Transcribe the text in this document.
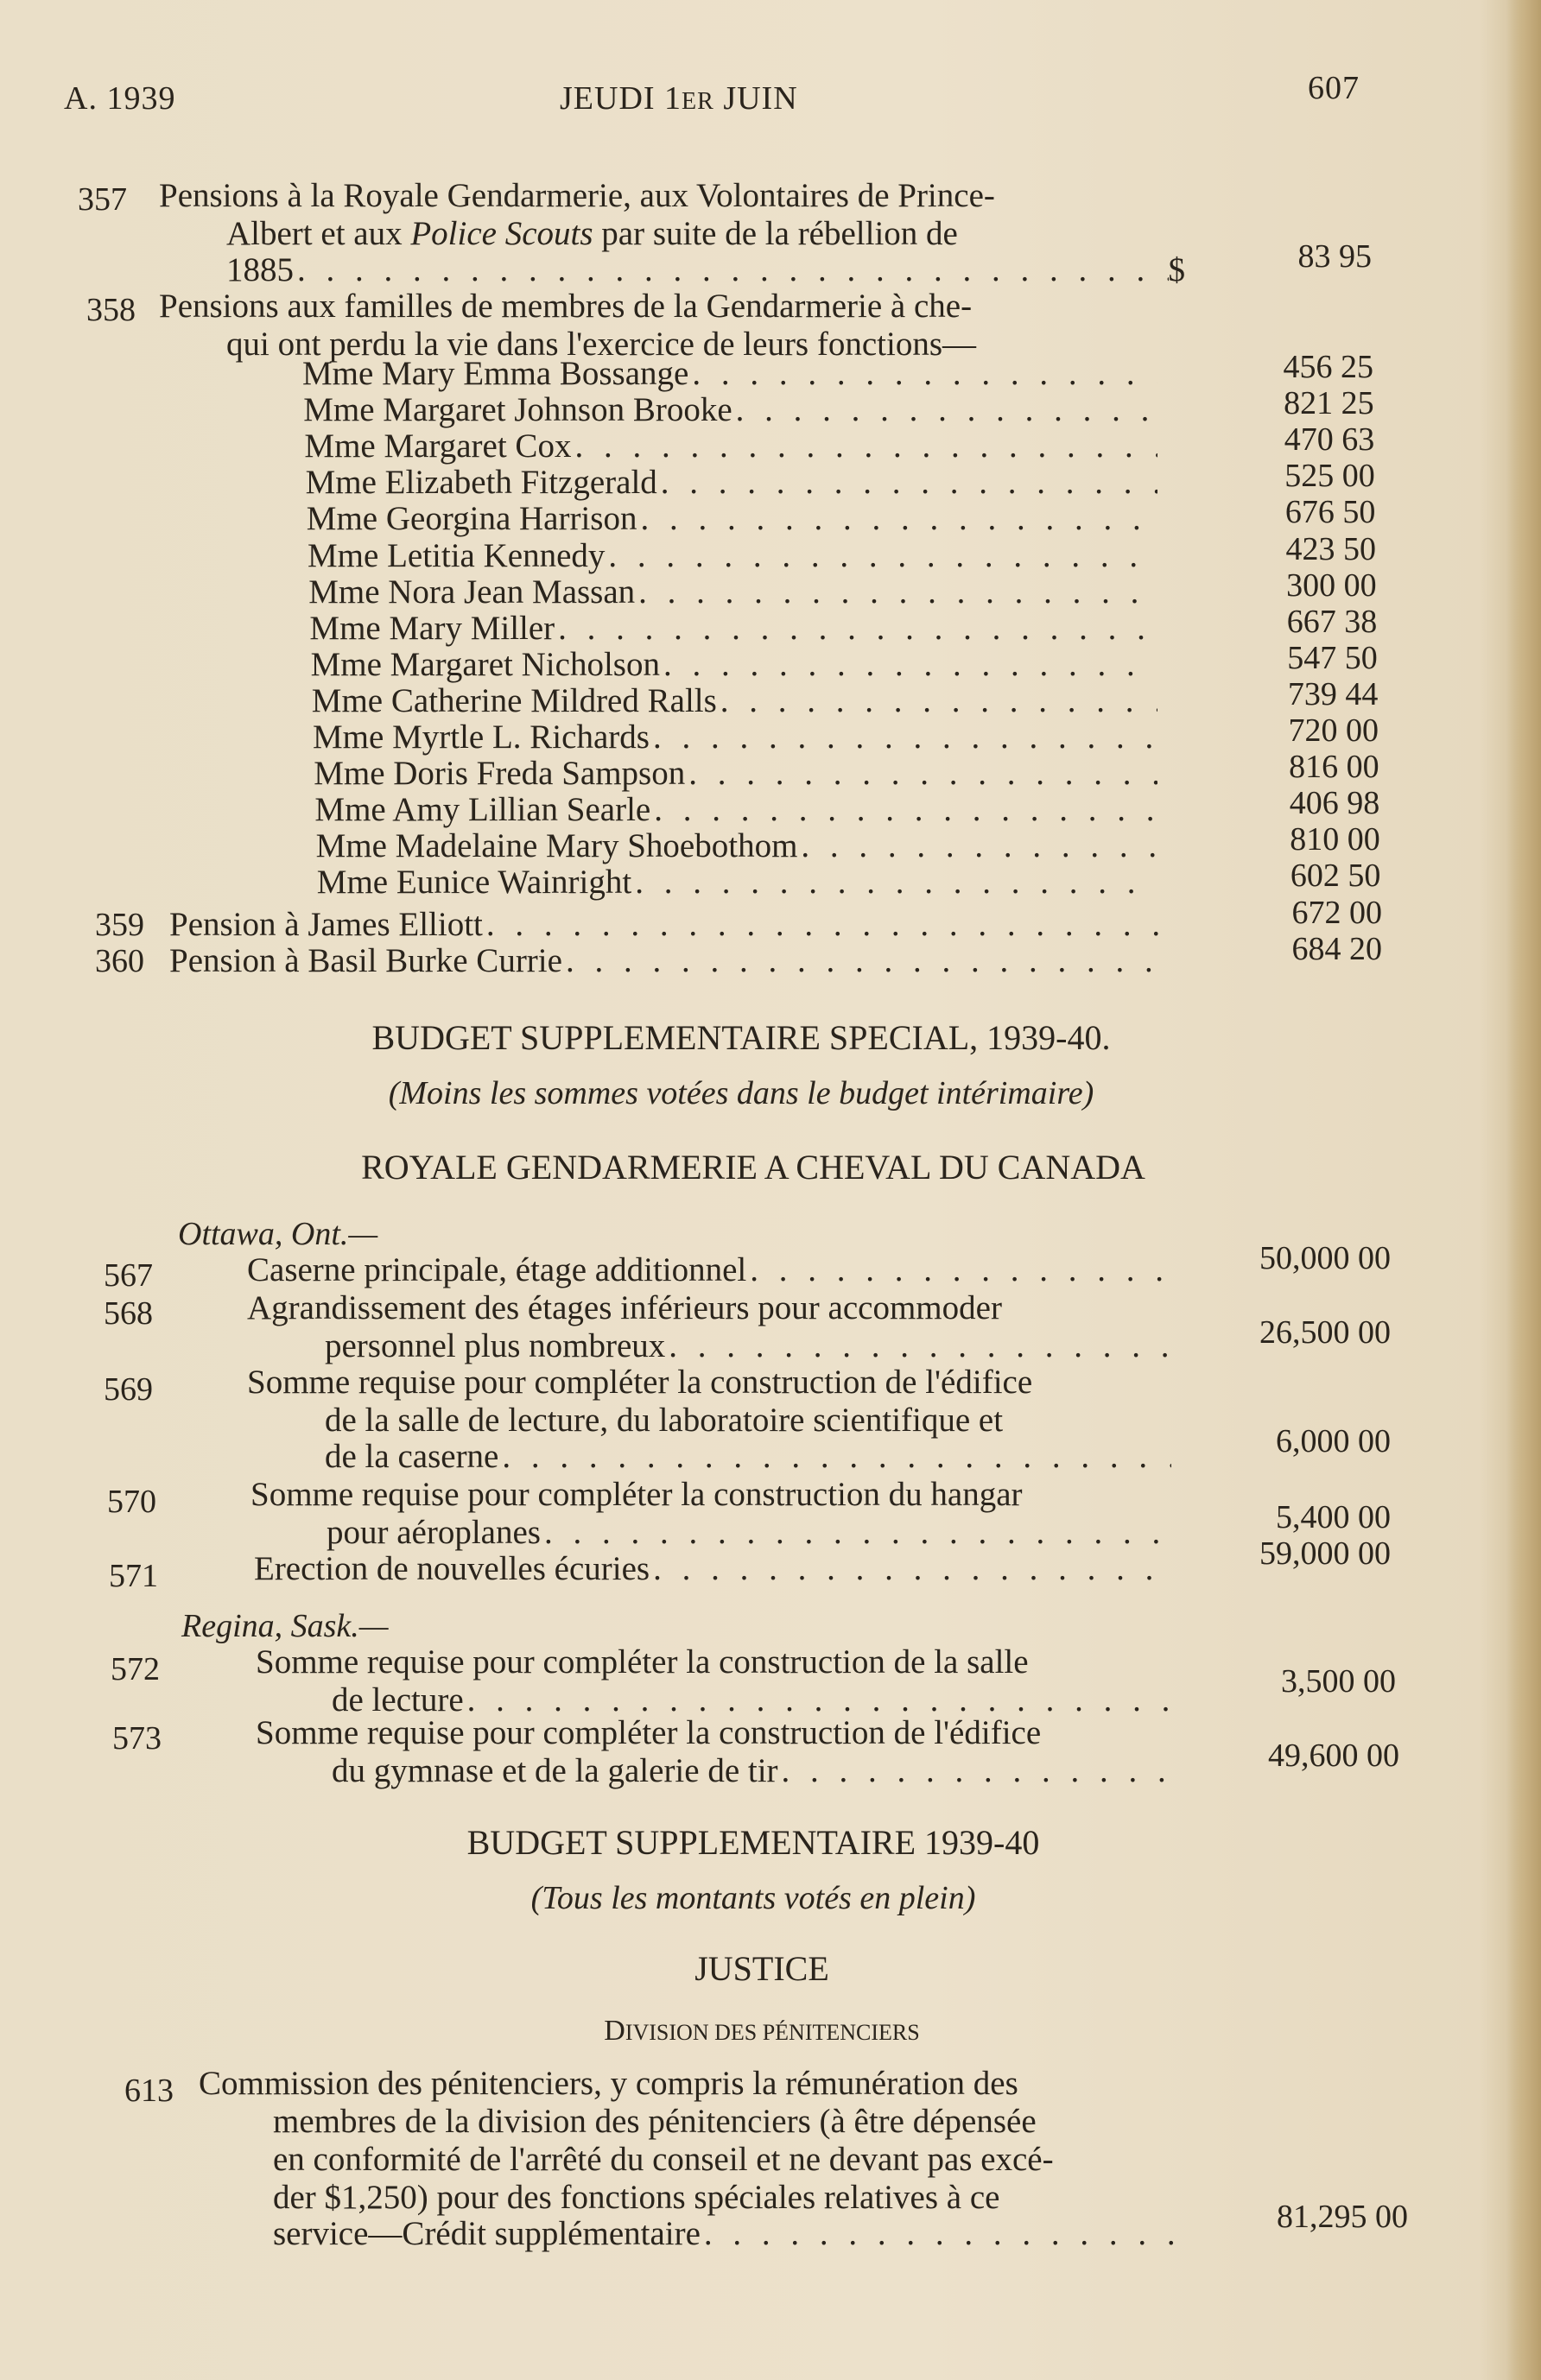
A. 1939	JEUDI 1ER JUIN	607
357 Pensions à la Royale Gendarmerie, aux Volontaires de Prince-
Albert et aux Police Scouts par suite de la rébellion de
1885 . . .	$	83 95
358 Pensions aux familles de membres de la Gendarmerie à che-
qui ont perdu la vie dans l'exercice de leurs fonctions—
Mme Mary Emma Bossange . . .	456 25
Mme Margaret Johnson Brooke . . .	821 25
Mme Margaret Cox . . .	470 63
Mme Elizabeth Fitzgerald . . .	525 00
Mme Georgina Harrison . . .	676 50
Mme Letitia Kennedy . . .	423 50
Mme Nora Jean Massan . . .	300 00
Mme Mary Miller . . .	667 38
Mme Margaret Nicholson . . .	547 50
Mme Catherine Mildred Ralls . . .	739 44
Mme Myrtle L. Richards . . .	720 00
Mme Doris Freda Sampson . . .	816 00
Mme Amy Lillian Searle . . .	406 98
Mme Madelaine Mary Shoebothom . . .	810 00
Mme Eunice Wainright . . .	602 50
359 Pension à James Elliott . . .	672 00
360 Pension à Basil Burke Currie . . .	684 20
BUDGET SUPPLEMENTAIRE SPECIAL, 1939-40.
(Moins les sommes votées dans le budget intérimaire)
ROYALE GENDARMERIE A CHEVAL DU CANADA
Ottawa, Ont.—
567	Caserne principale, étage additionnel . . .	50,000 00
568	Agrandissement des étages inférieurs pour accommoder
personnel plus nombreux . . .	26,500 00
569	Somme requise pour compléter la construction de l'édifice
de la salle de lecture, du laboratoire scientifique et
de la caserne . . .	6,000 00
570	Somme requise pour compléter la construction du hangar
pour aéroplanes . . .	5,400 00
571	Erection de nouvelles écuries . . .	59,000 00
Regina, Sask.—
572	Somme requise pour compléter la construction de la salle
de lecture
. . .	3,500 00
573	Somme requise pour compléter la construction de l'édifice
du gymnase et de la galerie de tir . . .	49,600 00
BUDGET SUPPLEMENTAIRE 1939-40
(Tous les montants votés en plein)
JUSTICE
DIVISION DES PÉNITENCIERS
613 Commission des pénitenciers, y compris la rémunération des
membres de la division des pénitenciers (à être dépensée
en conformité de l'arrêté du conseil et ne devant pas excé-
der $1,250) pour des fonctions spéciales relatives à ce
service—Crédit supplémentaire . . .	81,295 00
